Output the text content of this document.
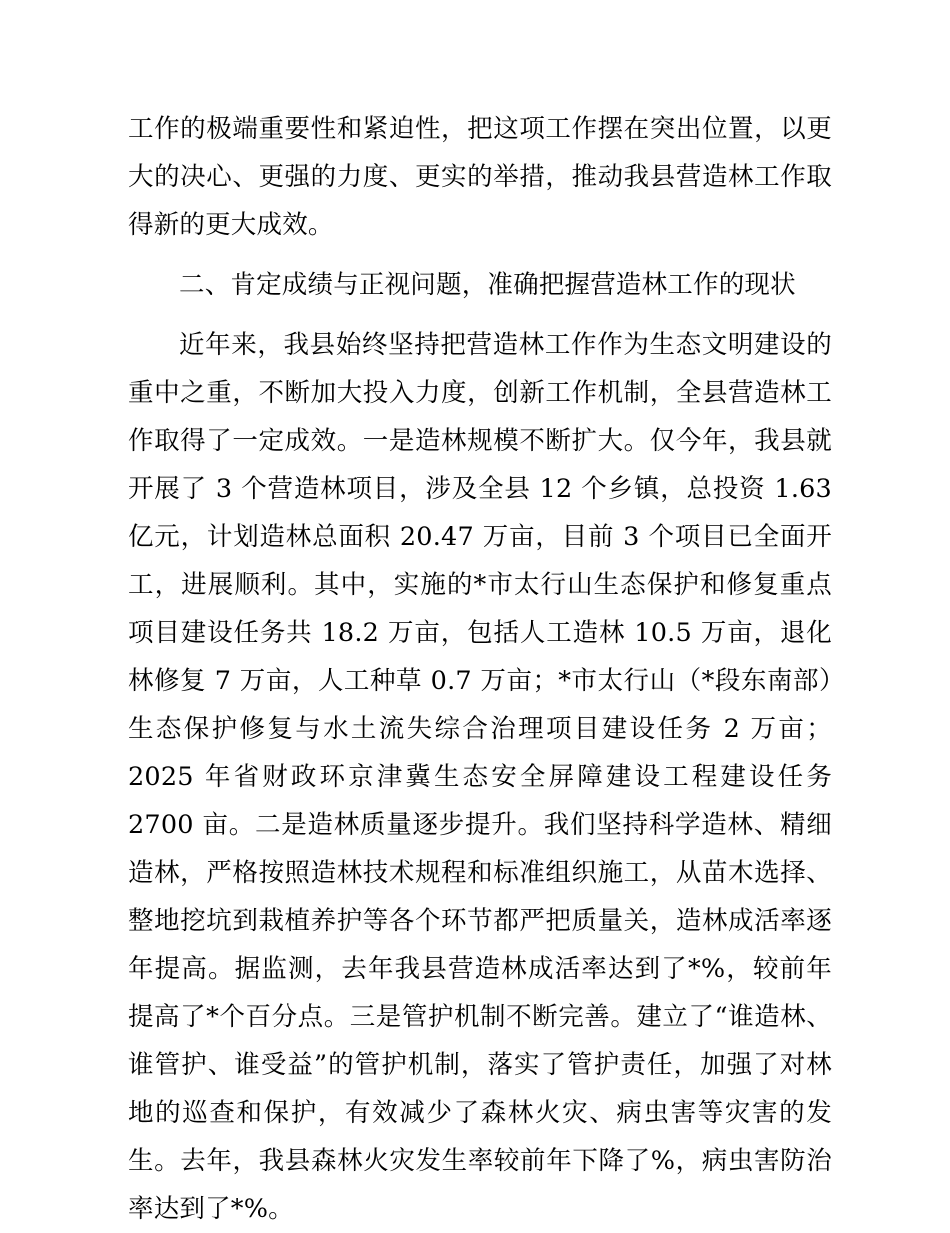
工作的极端重要性和紧迫性，把这项工作摆在突出位置，以更大的决心、更强的力度、更实的举措，推动我县营造林工作取得新的更大成效。

二、肯定成绩与正视问题，准确把握营造林工作的现状

近年来，我县始终坚持把营造林工作作为生态文明建设的重中之重，不断加大投入力度，创新工作机制，全县营造林工作取得了一定成效。一是造林规模不断扩大。仅今年，我县就开展了 3 个营造林项目，涉及全县 12 个乡镇，总投资 1.63 亿元，计划造林总面积 20.47 万亩，目前 3 个项目已全面开工，进展顺利。其中，实施的*市太行山生态保护和修复重点项目建设任务共 18.2 万亩，包括人工造林 10.5 万亩，退化林修复 7 万亩，人工种草 0.7 万亩；*市太行山（*段东南部）生态保护修复与水土流失综合治理项目建设任务 2 万亩；2025 年省财政环京津冀生态安全屏障建设工程建设任务 2700 亩。二是造林质量逐步提升。我们坚持科学造林、精细造林，严格按照造林技术规程和标准组织施工，从苗木选择、整地挖坑到栽植养护等各个环节都严把质量关，造林成活率逐年提高。据监测，去年我县营造林成活率达到了*%，较前年提高了*个百分点。三是管护机制不断完善。建立了“谁造林、谁管护、谁受益”的管护机制，落实了管护责任，加强了对林地的巡查和保护，有效减少了森林火灾、病虫害等灾害的发生。去年，我县森林火灾发生率较前年下降了%，病虫害防治率达到了*%。
